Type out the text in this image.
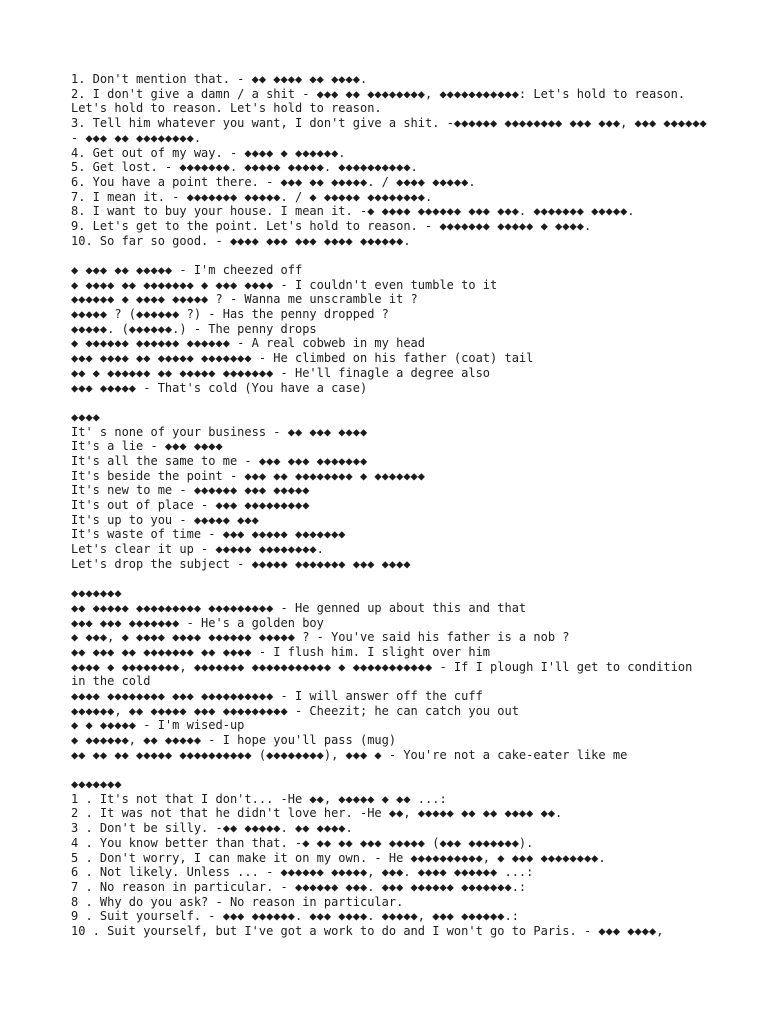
1. Don't mention that. - ◆◆ ◆◆◆◆ ◆◆ ◆◆◆◆.
2. I don't give a damn / a shit - ◆◆◆ ◆◆ ◆◆◆◆◆◆◆◆, ◆◆◆◆◆◆◆◆◆◆◆: Let's hold to reason. Let's hold to reason. Let's hold to reason.
3. Tell him whatever you want, I don't give a shit. -◆◆◆◆◆◆ ◆◆◆◆◆◆◆◆ ◆◆◆ ◆◆◆, ◆◆◆ ◆◆◆◆◆◆ - ◆◆◆ ◆◆ ◆◆◆◆◆◆◆◆.
4. Get out of my way. - ◆◆◆◆ ◆ ◆◆◆◆◆◆.
5. Get lost. - ◆◆◆◆◆◆◆. ◆◆◆◆◆ ◆◆◆◆◆. ◆◆◆◆◆◆◆◆◆◆.
6. You have a point there. - ◆◆◆ ◆◆ ◆◆◆◆◆. / ◆◆◆◆ ◆◆◆◆◆.
7. I mean it. - ◆◆◆◆◆◆◆ ◆◆◆◆◆. / ◆ ◆◆◆◆◆ ◆◆◆◆◆◆◆◆.
8. I want to buy your house. I mean it. -◆ ◆◆◆◆ ◆◆◆◆◆◆ ◆◆◆ ◆◆◆. ◆◆◆◆◆◆◆ ◆◆◆◆◆.
9. Let's get to the point. Let's hold to reason. - ◆◆◆◆◆◆◆ ◆◆◆◆◆ ◆ ◆◆◆◆.
10. So far so good. - ◆◆◆◆ ◆◆◆ ◆◆◆ ◆◆◆◆ ◆◆◆◆◆◆.
◆ ◆◆◆ ◆◆ ◆◆◆◆◆ - I'm cheezed off
◆ ◆◆◆◆ ◆◆ ◆◆◆◆◆◆◆ ◆ ◆◆◆ ◆◆◆◆ - I couldn't even tumble to it
◆◆◆◆◆◆ ◆ ◆◆◆◆ ◆◆◆◆◆ ? - Wanna me unscramble it ?
◆◆◆◆◆ ? (◆◆◆◆◆◆ ?) - Has the penny dropped ?
◆◆◆◆◆. (◆◆◆◆◆◆.) - The penny drops
◆ ◆◆◆◆◆◆ ◆◆◆◆◆◆ ◆◆◆◆◆◆ - A real cobweb in my head
◆◆◆ ◆◆◆◆ ◆◆ ◆◆◆◆◆ ◆◆◆◆◆◆◆ - He climbed on his father (coat) tail
◆◆ ◆ ◆◆◆◆◆◆ ◆◆ ◆◆◆◆◆ ◆◆◆◆◆◆◆ - He'll finagle a degree also
◆◆◆ ◆◆◆◆◆ - That's cold (You have a case)
◆◆◆◆
It' s none of your business - ◆◆ ◆◆◆ ◆◆◆◆
It's a lie - ◆◆◆ ◆◆◆◆
It's all the same to me - ◆◆◆ ◆◆◆ ◆◆◆◆◆◆◆
It's beside the point - ◆◆◆ ◆◆ ◆◆◆◆◆◆◆◆ ◆ ◆◆◆◆◆◆◆
It's new to me - ◆◆◆◆◆◆ ◆◆◆ ◆◆◆◆◆
It's out of place - ◆◆◆ ◆◆◆◆◆◆◆◆◆
It's up to you - ◆◆◆◆◆ ◆◆◆
It's waste of time - ◆◆◆ ◆◆◆◆◆ ◆◆◆◆◆◆◆
Let's clear it up - ◆◆◆◆◆ ◆◆◆◆◆◆◆◆.
Let's drop the subject - ◆◆◆◆◆ ◆◆◆◆◆◆◆ ◆◆◆ ◆◆◆◆
◆◆◆◆◆◆◆
◆◆ ◆◆◆◆◆ ◆◆◆◆◆◆◆◆◆ ◆◆◆◆◆◆◆◆◆ - He genned up about this and that
◆◆◆ ◆◆◆ ◆◆◆◆◆◆◆ - He's a golden boy
◆ ◆◆◆, ◆ ◆◆◆◆ ◆◆◆◆ ◆◆◆◆◆◆ ◆◆◆◆◆ ? - You've said his father is a nob ?
◆◆ ◆◆◆ ◆◆ ◆◆◆◆◆◆◆ ◆◆ ◆◆◆◆ - I flush him. I slight over him
◆◆◆◆ ◆ ◆◆◆◆◆◆◆◆, ◆◆◆◆◆◆◆ ◆◆◆◆◆◆◆◆◆◆◆ ◆ ◆◆◆◆◆◆◆◆◆◆◆ - If I plough I'll get to condition in the cold
◆◆◆◆ ◆◆◆◆◆◆◆◆ ◆◆◆ ◆◆◆◆◆◆◆◆◆◆ - I will answer off the cuff
◆◆◆◆◆◆, ◆◆ ◆◆◆◆◆ ◆◆◆ ◆◆◆◆◆◆◆◆◆ - Cheezit; he can catch you out
◆ ◆ ◆◆◆◆◆ - I'm wised-up
◆ ◆◆◆◆◆◆, ◆◆ ◆◆◆◆◆ - I hope you'll pass (mug)
◆◆ ◆◆ ◆◆ ◆◆◆◆◆ ◆◆◆◆◆◆◆◆◆◆ (◆◆◆◆◆◆◆◆), ◆◆◆ ◆ - You're not a cake-eater like me
◆◆◆◆◆◆◆
1 . It's not that I don't... -He ◆◆, ◆◆◆◆◆ ◆ ◆◆ ...:
2 . It was not that he didn't love her. -He ◆◆, ◆◆◆◆◆ ◆◆ ◆◆ ◆◆◆◆ ◆◆.
3 . Don't be silly. -◆◆ ◆◆◆◆◆. ◆◆ ◆◆◆◆.
4 . You know better than that. -◆ ◆◆ ◆◆ ◆◆◆ ◆◆◆◆◆ (◆◆◆ ◆◆◆◆◆◆◆).
5 . Don't worry, I can make it on my own. - He ◆◆◆◆◆◆◆◆◆◆, ◆ ◆◆◆ ◆◆◆◆◆◆◆◆.
6 . Not likely. Unless ... - ◆◆◆◆◆◆ ◆◆◆◆◆, ◆◆◆. ◆◆◆◆ ◆◆◆◆◆◆ ...:
7 . No reason in particular. - ◆◆◆◆◆◆ ◆◆◆. ◆◆◆ ◆◆◆◆◆◆ ◆◆◆◆◆◆◆.:
8 . Why do you ask? - No reason in particular.
9 . Suit yourself. - ◆◆◆ ◆◆◆◆◆◆. ◆◆◆ ◆◆◆◆. ◆◆◆◆◆, ◆◆◆ ◆◆◆◆◆◆.:
10 . Suit yourself, but I've got a work to do and I won't go to Paris. - ◆◆◆ ◆◆◆◆,
